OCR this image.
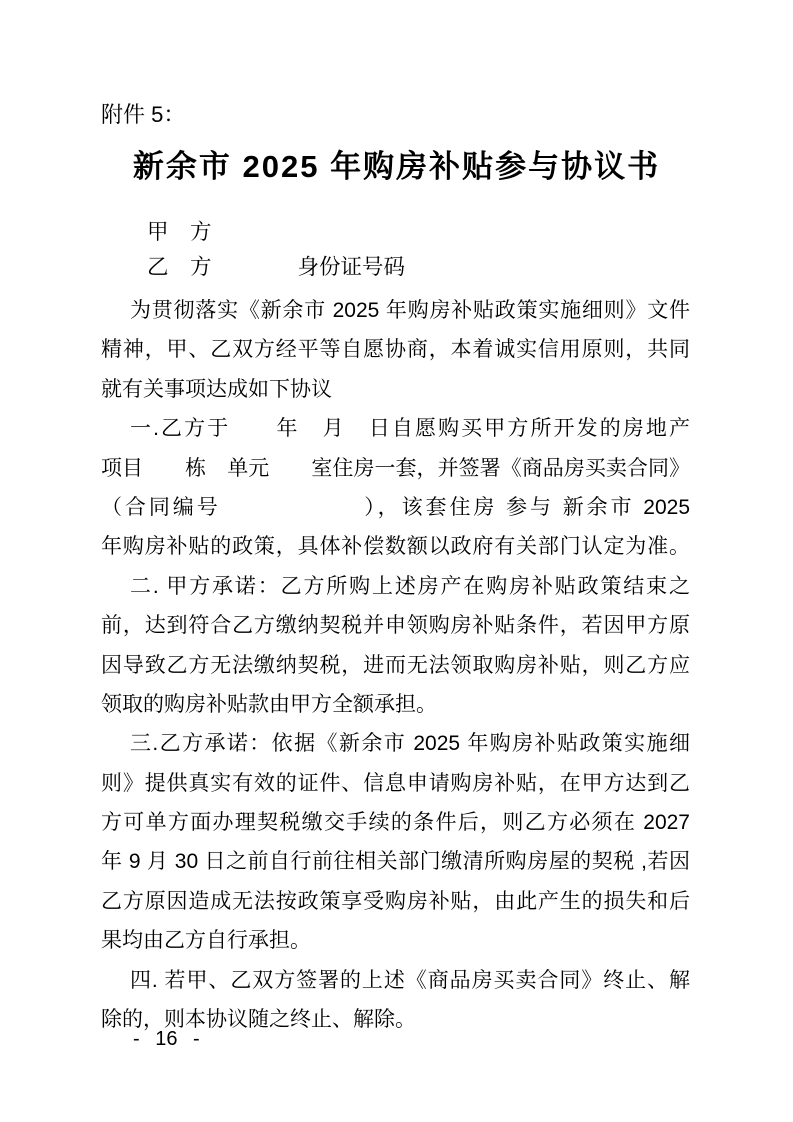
附件 5：
新余市 2025 年购房补贴参与协议书
甲　方
乙　方　　　　身份证号码
为贯彻落实《新余市 2025 年购房补贴政策实施细则》文件
精神，甲、乙双方经平等自愿协商，本着诚实信用原则，共同
就有关事项达成如下协议
一.乙方于　　年　月　日自愿购买甲方所开发的房地产
项目　　栋　单元　　室住房一套，并签署《商品房买卖合同》
（合同编号　　　　　　），该套住房 参与 新余市 2025
年购房补贴的政策，具体补偿数额以政府有关部门认定为准。
二. 甲方承诺：乙方所购上述房产在购房补贴政策结束之
前，达到符合乙方缴纳契税并申领购房补贴条件，若因甲方原
因导致乙方无法缴纳契税，进而无法领取购房补贴，则乙方应
领取的购房补贴款由甲方全额承担。
三.乙方承诺：依据《新余市 2025 年购房补贴政策实施细
则》提供真实有效的证件、信息申请购房补贴，在甲方达到乙
方可单方面办理契税缴交手续的条件后，则乙方必须在 2027
年 9 月 30 日之前自行前往相关部门缴清所购房屋的契税 ,若因
乙方原因造成无法按政策享受购房补贴，由此产生的损失和后
果均由乙方自行承担。
四. 若甲、乙双方签署的上述《商品房买卖合同》终止、解
除的，则本协议随之终止、解除。
- 16 -
